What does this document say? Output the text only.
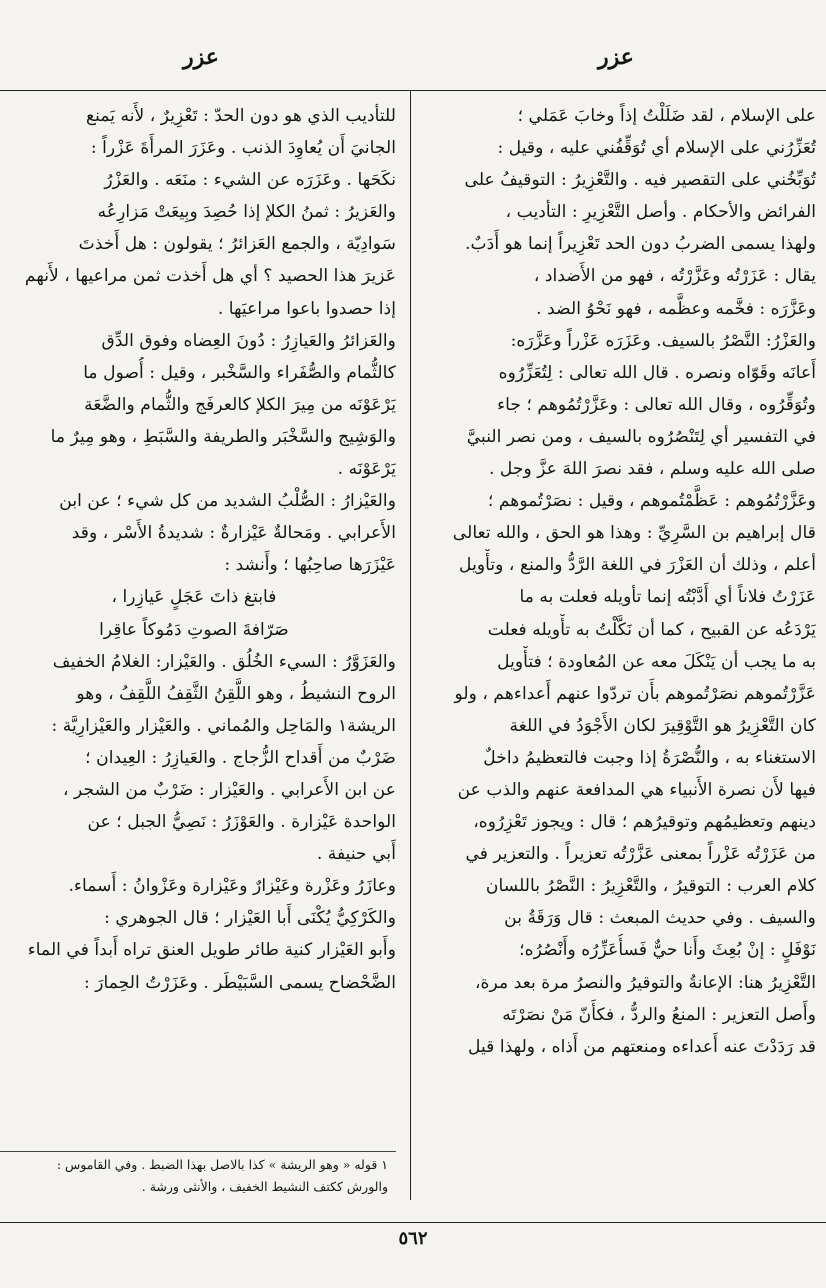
عزر	عزر
على الإسلام ، لقد ضَلَلْتُ إذاً وخابَ عَمَلي ؛
تُعَزِّرُني على الإسلام أي تُوَقِّفُني عليه ، وقيل :
تُوَبِّخُني على التقصير فيه . والتَّعْزِيرُ : التوقيفُ على
الفرائض والأحكام . وأصل التَّعْزِيرِ : التأديب ،
ولهذا يسمى الضربُ دون الحد تَعْزِيراً إنما هو أَدَبٌ.
يقال : عَزَرْتُه وعَزَّرْتُه ، فهو من الأَضداد ،
وعَزَّرَه : فخَّمه وعظَّمه ، فهو نَحْوُ الضد .
والعَزْرُ: النَّصْرُ بالسيف. وعَزَرَه عَزْراً وعَزَّرَه:
أَعانَه وقَوّاه ونصره . قال الله تعالى : لِتُعَزِّرُوه
وتُوَقِّرُوه ، وقال الله تعالى : وعَزَّرْتُمُوهم ؛ جاء
في التفسير أي لِتَنْصُرُوه بالسيف ، ومن نصر النبيَّ
صلى الله عليه وسلم ، فقد نصرَ اللهَ عزَّ وجل .
وعَزَّرْتُمُوهم : عَظَّمْتُموهم ، وقيل : نصَرْتُموهم ؛
قال إبراهيم بن السَّرِيِّ : وهذا هو الحق ، والله تعالى
أعلم ، وذلك أن العَزْرَ في اللغة الرَّدُّ والمنع ، وتأْويل
عَزَرْتُ فلاناً أي أَدَّبْتُه إنما تأويله فعلت به ما
يَرْدَعُه عن القبيح ، كما أن نَكَّلْتُ به تأْويله فعلت
به ما يجب أن يَنْكَلَ معه عن المُعاودة ؛ فتأْويل
عَزَّرْتُموهم نصَرْتُموهم بأَن تردّوا عنهم أَعداءهم ، ولو
كان التَّعْزِيرُ هو التَّوْقِيرَ لكان الأَجْوَدُ في اللغة
الاستغناء به ، والنُّصْرَةُ إذا وجبت فالتعظيمُ داخلٌ
فيها لأَن نصرة الأَنبياء هي المدافعة عنهم والذب عن
دينهم وتعظيمُهم وتوقيرُهم ؛ قال : ويجوز تَعْزِرُوه،
من عَزَرْتُه عَزْراً بمعنى عَزَّرْتُه تعزيراً . والتعزير في
كلام العرب : التوقيرُ ، والتَّعْزِيرُ : النَّصْرُ باللسان
والسيف . وفي حديث المبعث : قال وَرَقَةُ بن
نَوْفَلٍ : إنْ بُعِثَ وأَنا حيٌّ فَسأُعَزِّرُه وأَنْصُرُه؛
التَّعْزِيرُ هنا: الإعانةُ والتوقيرُ والنصرُ مرة بعد مرة،
وأَصل التعزير : المنعُ والردُّ ، فكأَنّ مَنْ نصَرْتَه
قد رَدَدْتَ عنه أَعداءه ومنعتهم من أَذاه ، ولهذا قيل
للتأديب الذي هو دون الحدّ : تَعْزِيرٌ ، لأَنه يَمنع
الجانيَ أَن يُعاوِدَ الذنب . وعَزَرَ المرأَةَ عَزْراً :
نكَحَها . وعَزَرَه عن الشيء : منَعَه . والعَزْرُ
والعَزيرُ : ثمنُ الكلإ إذا حُصِدَ وبِيعَتْ مَزارِعُه
سَوادِيّة ، والجمع العَزائرُ ؛ يقولون : هل أَخذتَ
عَزيرَ هذا الحصيد ؟ أي هل أَخذت ثمن مراعيها ، لأَنهم
إذا حصدوا باعوا مراعيَها .
والعَزائرُ والعَيازِرُ : دُونَ العِضاه وفوق الدِّق
كالثُّمام والصُّفَراء والسَّخْبر ، وقيل : أُصول ما
يَرْعَوْنَه من مِيرَ الكلإ كالعرفَج والثُّمام والضَّعَة
والوَشِيج والسَّخْبَر والطريفة والسَّبَطِ ، وهو مِيرٌ ما
يَرْعَوْنَه .
والعَيْزارُ : الصُّلْبُ الشديد من كل شيء ؛ عن ابن
الأَعرابي . ومَحالةٌ عَيْزارةٌ : شديدةُ الأَسْر ، وقد
عَيْزَرَها صاحِبُها ؛ وأَنشد :
فابتغ ذاتَ عَجَلٍ عَيازِرا ،
صَرّافةَ الصوتِ دَمُوكاً عاقِرا
والعَزَوَّرُ : السيء الخُلُق . والعَيْزار: الغلامُ الخفيف
الروح النشيطُ ، وهو اللَّقِنُ الثَّقِفُ اللَّقِفُ ، وهو
الريشة١ والمَاحِل والمُماني . والعَيْزار والعَيْزارِيَّة :
ضَرْبٌ من أَقداح الزُّجاج . والعَيازِرُ : العِيدان ؛
عن ابن الأَعرابي . والعَيْزار : ضَرْبٌ من الشجر ،
الواحدة عَيْزارة . والعَوْزَرُ : نَصِيُّ الجبل ؛ عن
أَبي حنيفة .
وعازَرُ وعَزْرة وعَيْزارٌ وعَيْزارة وعَزْوانُ : أَسماء.
والكَرْكِيُّ يُكْنَى أَبا العَيْزار ؛ قال الجوهري :
وأَبو العَيْزار كنية طائر طويل العنق تراه أَبداً في الماء
الضَّحْضاح يسمى السَّبَيْطَر . وعَزَرْتُ الحِمارَ :
١ قوله « وهو الريشة » كذا بالاصل بهذا الضبط . وفي القاموس :
والورش ككتف النشيط الخفيف ، والأنثى ورشة .
٥٦٢
